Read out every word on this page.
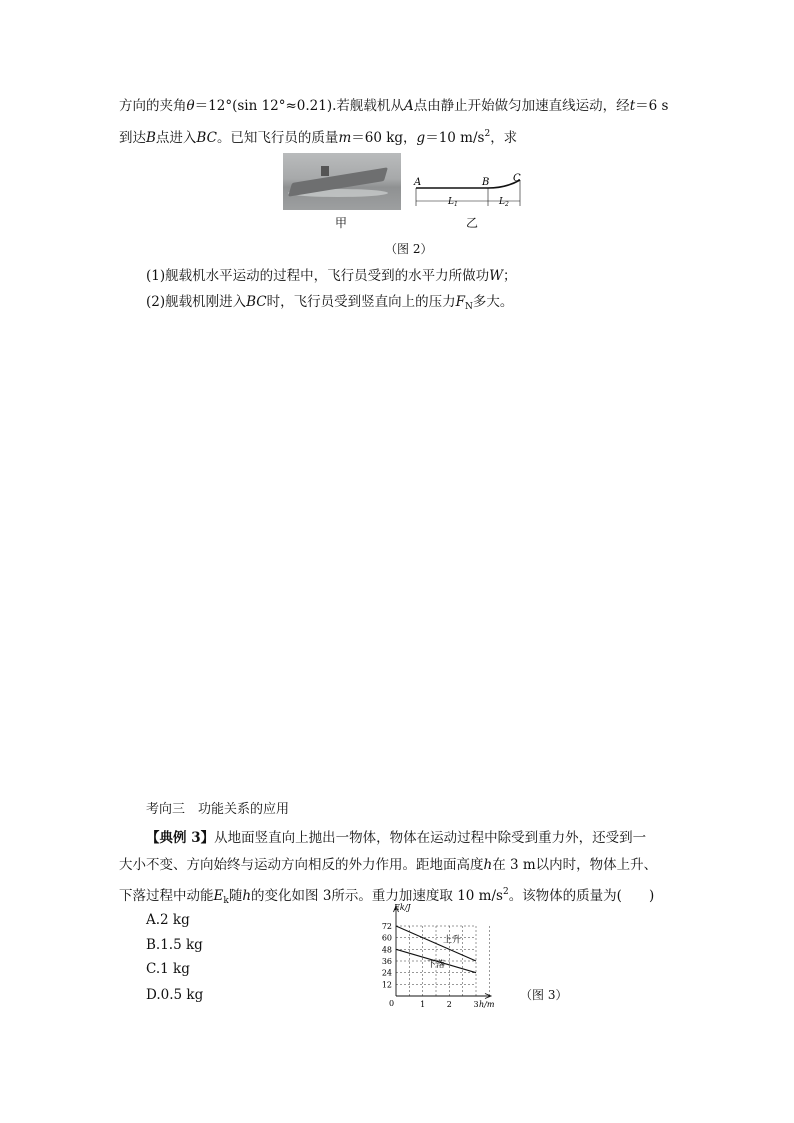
方向的夹角θ＝12°(sin 12°≈0.21).若舰载机从A点由静止开始做匀加速直线运动，经t＝6 s
到达B点进入BC。已知飞行员的质量m＝60 kg，g＝10 $m/s^2$，求
甲
A	B C
$L_1$	$L_2$
乙
（图 2）
(1)舰载机水平运动的过程中，飞行员受到的水平力所做功W；
(2)舰载机刚进入BC时，飞行员受到竖直向上的压力$F_N$多大。
考向三　功能关系的应用
【典例 3】从地面竖直向上抛出一物体，物体在运动过程中除受到重力外，还受到一
大小不变、方向始终与运动方向相反的外力作用。距地面高度h在 3 m以内时，物体上升、
下落过程中动能$E_k$随h的变化如图 3所示。重力加速度取 10 $m/s^2$。该物体的质量为(　　)
A.2 kg
B.1.5 kg
C.1 kg
D.0.5 kg
12
24
36
48
60
72
1	2	3
上升
下落
Ek/J
h/m
0
（图 3）
